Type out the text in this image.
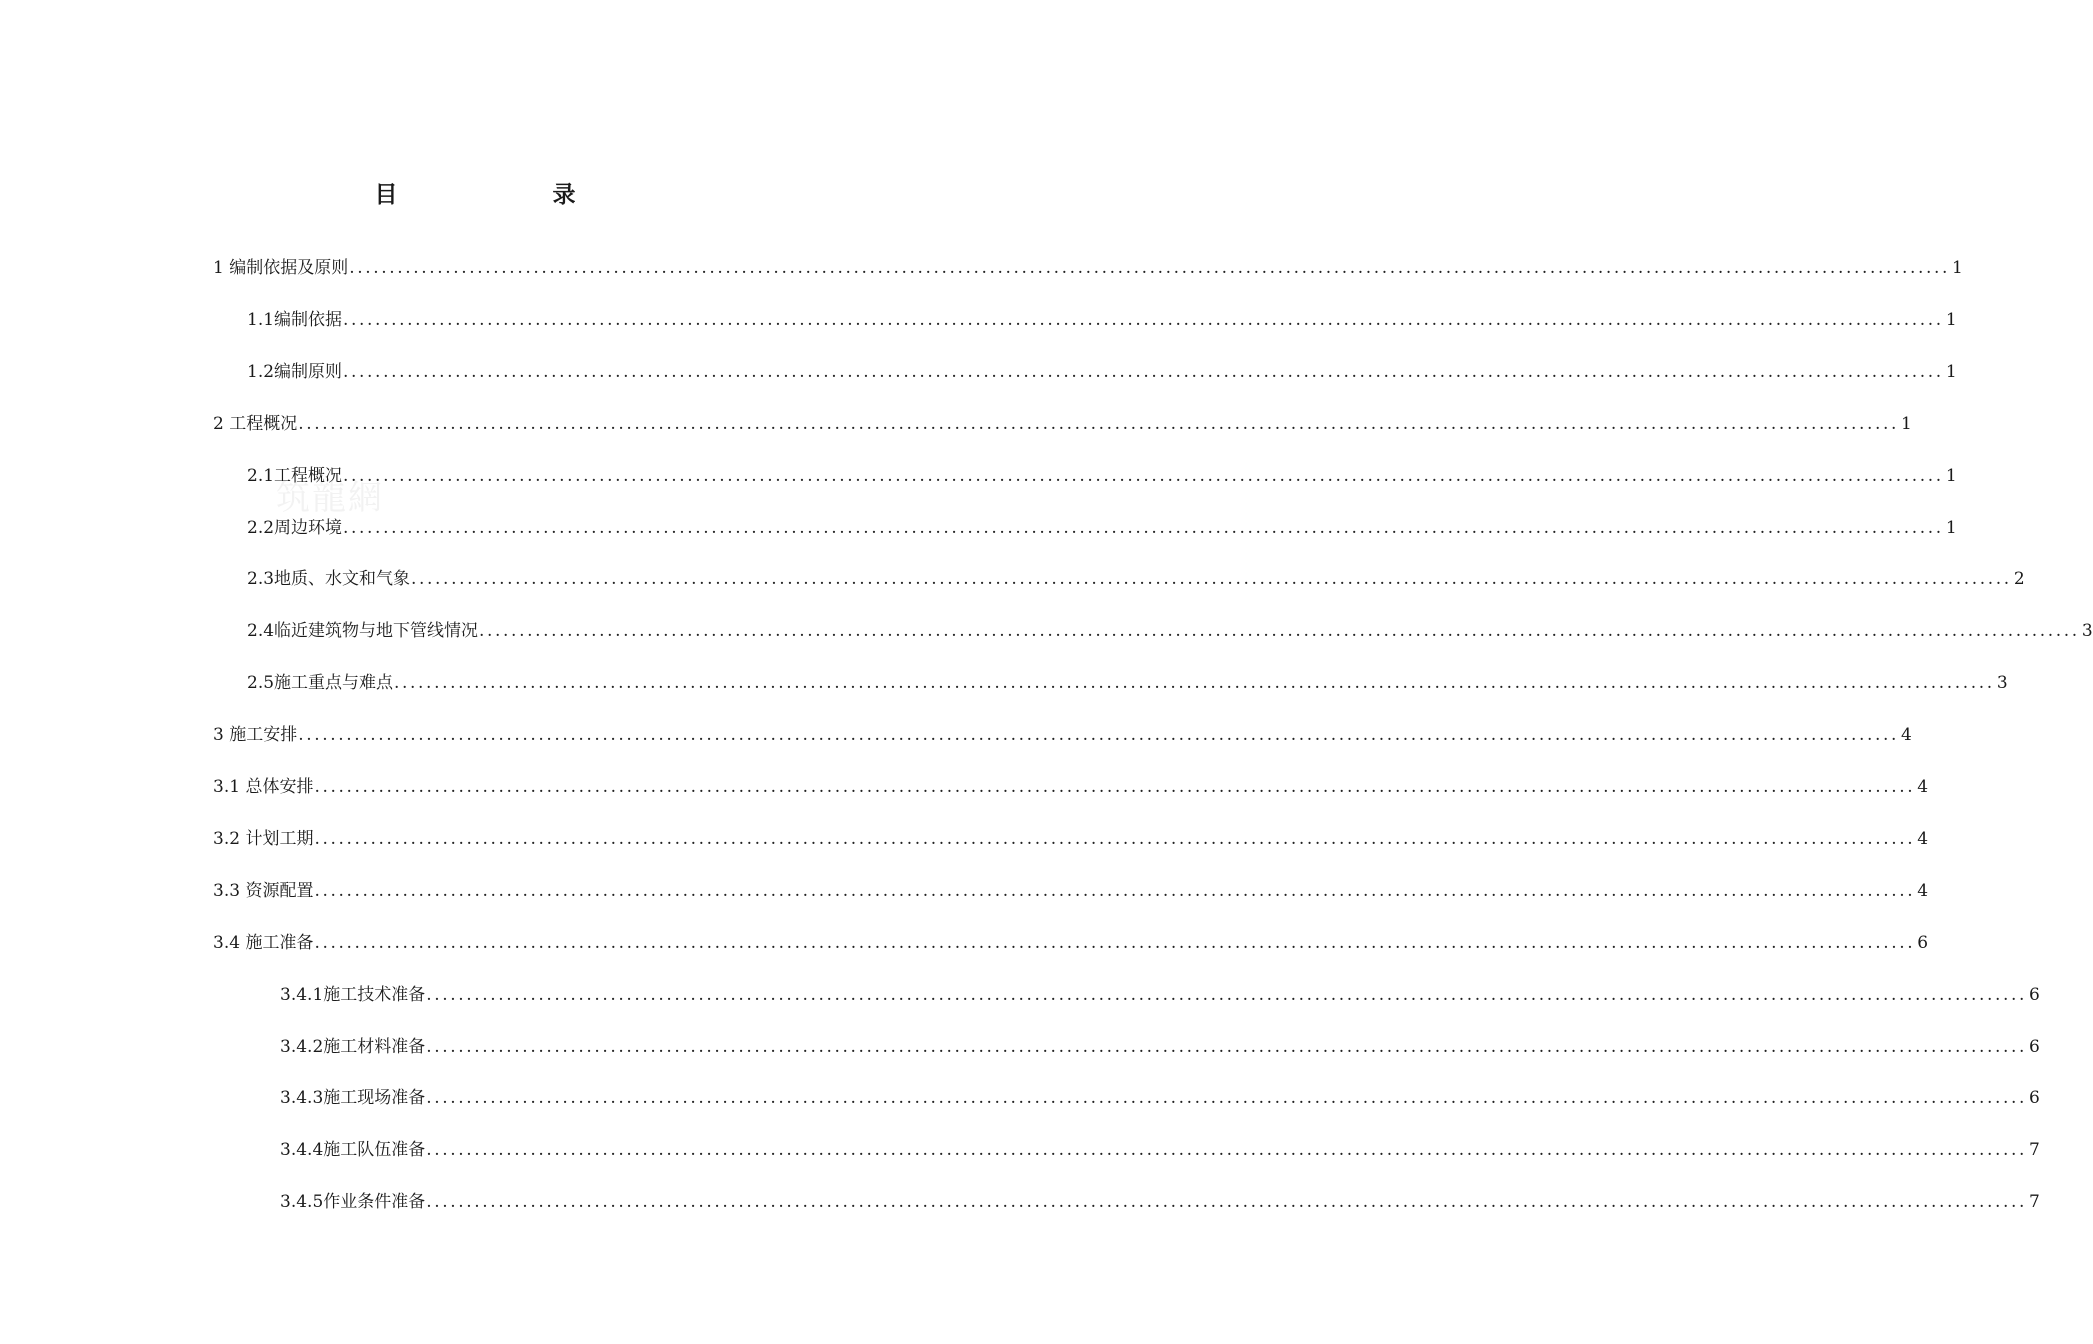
筑龍網
目　录
1 编制依据及原则 ........................................................................................................................................................................................................ 1
1.1编制依据 ........................................................................................................................................................................................................ 1
1.2编制原则 ........................................................................................................................................................................................................ 1
2 工程概况 ........................................................................................................................................................................................................ 1
2.1工程概况 ........................................................................................................................................................................................................ 1
2.2周边环境 ........................................................................................................................................................................................................ 1
2.3地质、水文和气象 ........................................................................................................................................................................................................ 2
2.4临近建筑物与地下管线情况 ........................................................................................................................................................................................................ 3
2.5施工重点与难点 ........................................................................................................................................................................................................ 3
3 施工安排 ........................................................................................................................................................................................................ 4
3.1 总体安排 ........................................................................................................................................................................................................ 4
3.2 计划工期 ........................................................................................................................................................................................................ 4
3.3 资源配置 ........................................................................................................................................................................................................ 4
3.4 施工准备 ........................................................................................................................................................................................................ 6
3.4.1施工技术准备 ........................................................................................................................................................................................................ 6
3.4.2施工材料准备 ........................................................................................................................................................................................................ 6
3.4.3施工现场准备 ........................................................................................................................................................................................................ 6
3.4.4施工队伍准备 ........................................................................................................................................................................................................ 7
3.4.5作业条件准备 ........................................................................................................................................................................................................ 7
